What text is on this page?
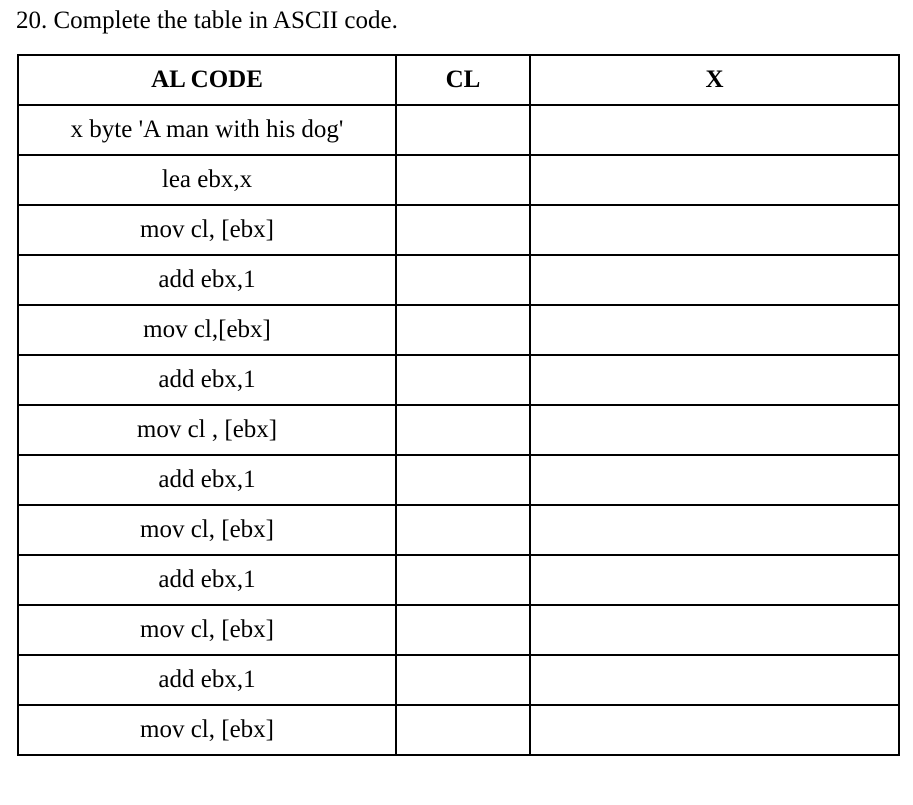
20. Complete the table in ASCII code.
AL CODE	CL	X
x byte 'A man with his dog'		
lea ebx,x		
mov cl, [ebx]		
add ebx,1		
mov cl,[ebx]		
add ebx,1		
mov cl , [ebx]		
add ebx,1		
mov cl, [ebx]		
add ebx,1		
mov cl, [ebx]		
add ebx,1		
mov cl, [ebx]		
